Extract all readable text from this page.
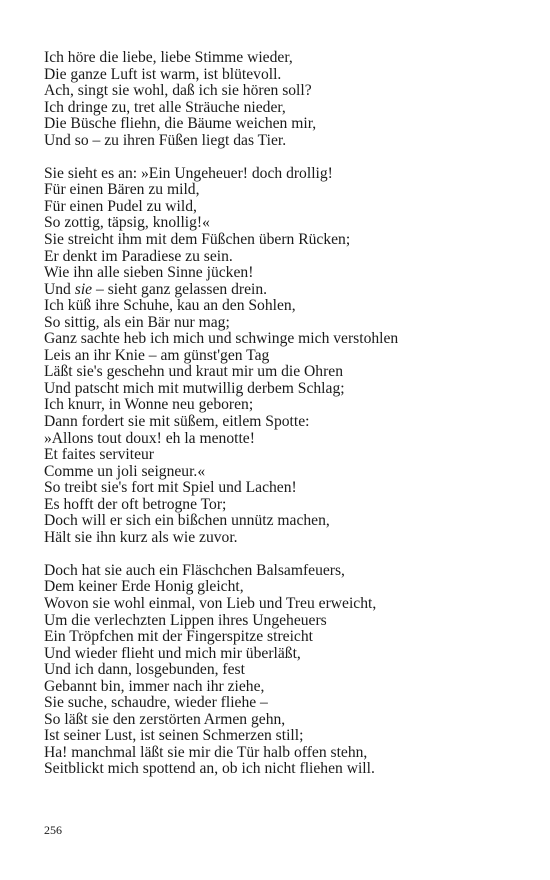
Ich höre die liebe, liebe Stimme wieder,
Die ganze Luft ist warm, ist blütevoll.
Ach, singt sie wohl, daß ich sie hören soll?
Ich dringe zu, tret alle Sträuche nieder,
Die Büsche fliehn, die Bäume weichen mir,
Und so – zu ihren Füßen liegt das Tier.
Sie sieht es an: »Ein Ungeheuer! doch drollig!
Für einen Bären zu mild,
Für einen Pudel zu wild,
So zottig, täpsig, knollig!«
Sie streicht ihm mit dem Füßchen übern Rücken;
Er denkt im Paradiese zu sein.
Wie ihn alle sieben Sinne jücken!
Und sie – sieht ganz gelassen drein.
Ich küß ihre Schuhe, kau an den Sohlen,
So sittig, als ein Bär nur mag;
Ganz sachte heb ich mich und schwinge mich verstohlen
Leis an ihr Knie – am günst'gen Tag
Läßt sie's geschehn und kraut mir um die Ohren
Und patscht mich mit mutwillig derbem Schlag;
Ich knurr, in Wonne neu geboren;
Dann fordert sie mit süßem, eitlem Spotte:
»Allons tout doux! eh la menotte!
Et faites serviteur
Comme un joli seigneur.«
So treibt sie's fort mit Spiel und Lachen!
Es hofft der oft betrogne Tor;
Doch will er sich ein bißchen unnütz machen,
Hält sie ihn kurz als wie zuvor.
Doch hat sie auch ein Fläschchen Balsamfeuers,
Dem keiner Erde Honig gleicht,
Wovon sie wohl einmal, von Lieb und Treu erweicht,
Um die verlechzten Lippen ihres Ungeheuers
Ein Tröpfchen mit der Fingerspitze streicht
Und wieder flieht und mich mir überläßt,
Und ich dann, losgebunden, fest
Gebannt bin, immer nach ihr ziehe,
Sie suche, schaudre, wieder fliehe –
So läßt sie den zerstörten Armen gehn,
Ist seiner Lust, ist seinen Schmerzen still;
Ha! manchmal läßt sie mir die Tür halb offen stehn,
Seitblickt mich spottend an, ob ich nicht fliehen will.
256
